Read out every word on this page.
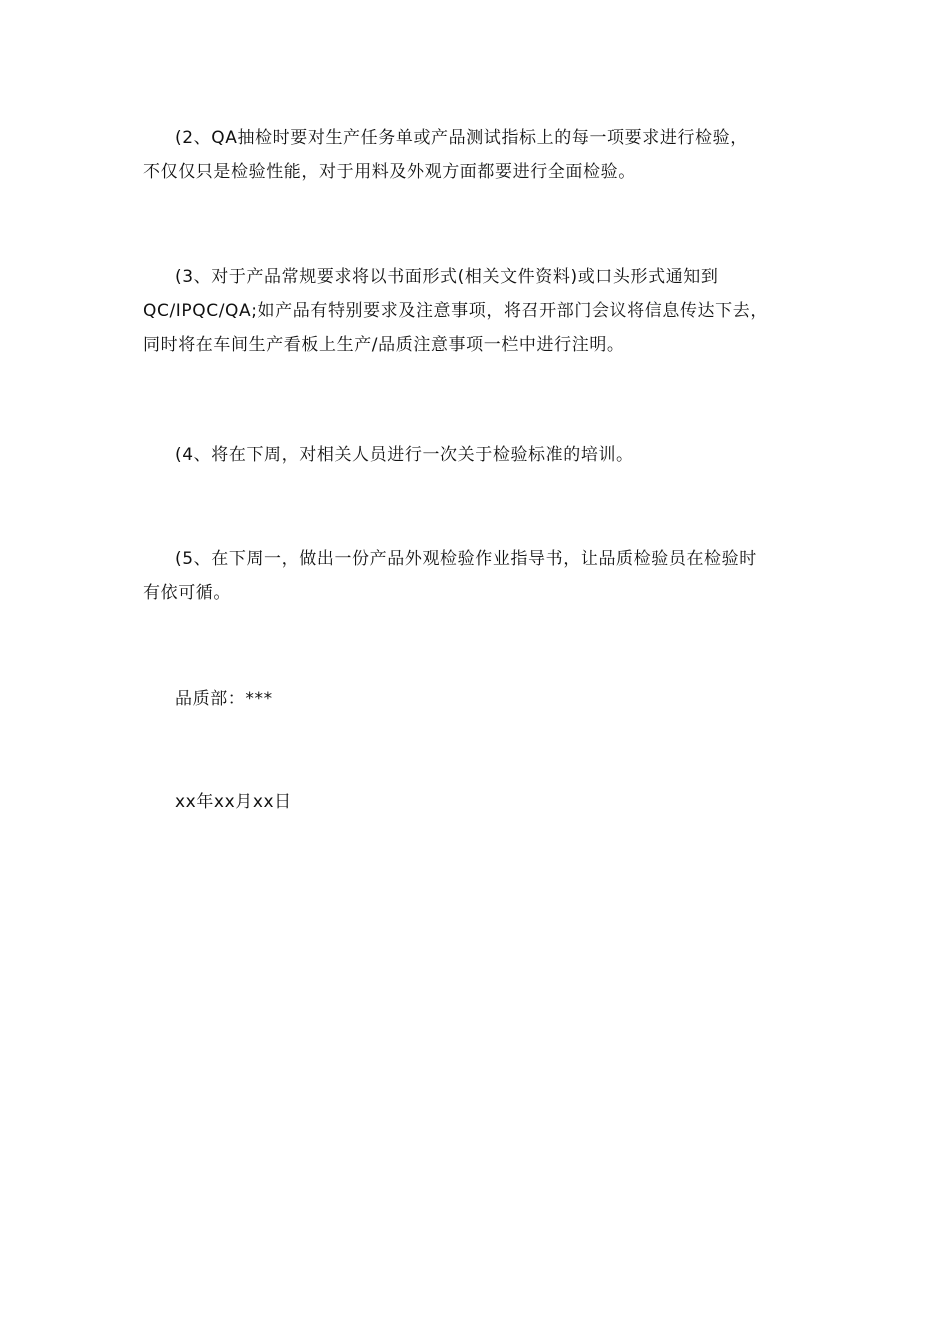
(2、QA抽检时要对生产任务单或产品测试指标上的每一项要求进行检验，
不仅仅只是检验性能，对于用料及外观方面都要进行全面检验。
(3、对于产品常规要求将以书面形式(相关文件资料)或口头形式通知到
QC/IPQC/QA;如产品有特别要求及注意事项，将召开部门会议将信息传达下去，
同时将在车间生产看板上生产/品质注意事项一栏中进行注明。
(4、将在下周，对相关人员进行一次关于检验标准的培训。
(5、在下周一，做出一份产品外观检验作业指导书，让品质检验员在检验时
有依可循。
品质部：***
xx年xx月xx日
